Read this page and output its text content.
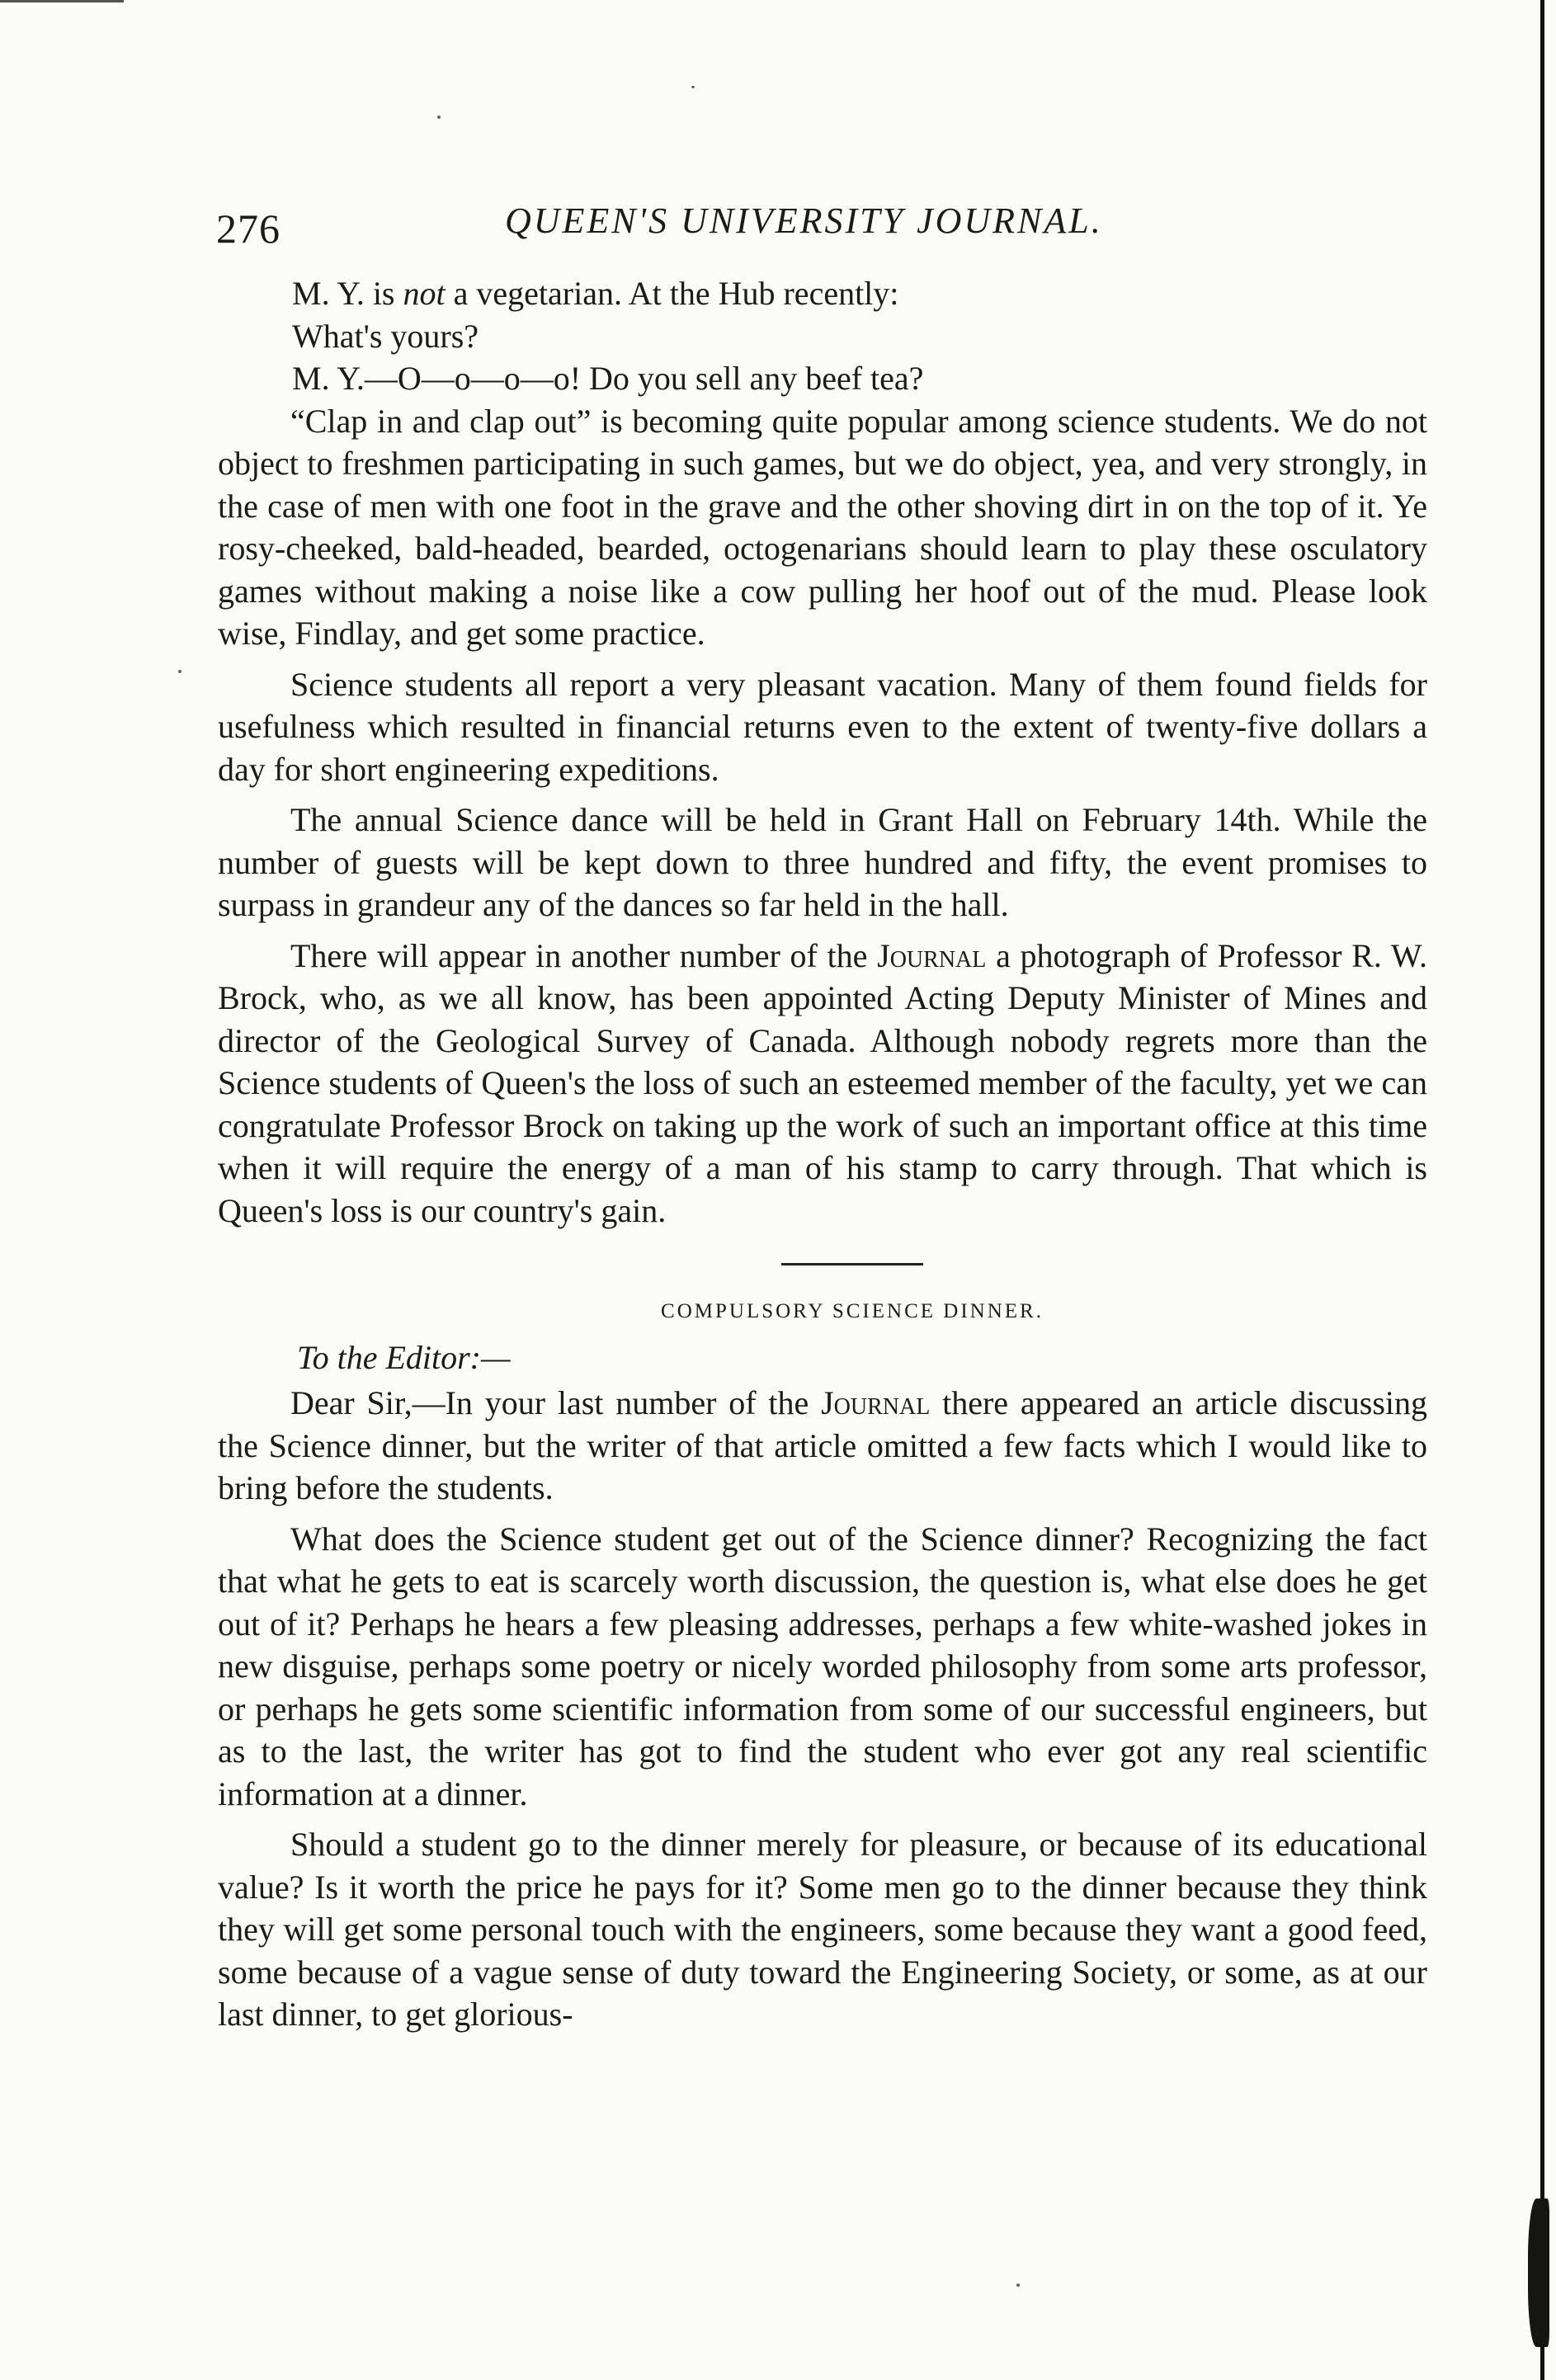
276	QUEEN'S UNIVERSITY JOURNAL.
M. Y. is not a vegetarian. At the Hub recently:
What's yours?
M. Y.—O—o—o—o! Do you sell any beef tea?

“Clap in and clap out” is becoming quite popular among science students. We do not object to freshmen participating in such games, but we do object, yea, and very strongly, in the case of men with one foot in the grave and the other shoving dirt in on the top of it. Ye rosy-cheeked, bald-headed, bearded, octogenarians should learn to play these osculatory games without making a noise like a cow pulling her hoof out of the mud. Please look wise, Findlay, and get some practice.

Science students all report a very pleasant vacation. Many of them found fields for usefulness which resulted in financial returns even to the extent of twenty-five dollars a day for short engineering expeditions.

The annual Science dance will be held in Grant Hall on February 14th. While the number of guests will be kept down to three hundred and fifty, the event promises to surpass in grandeur any of the dances so far held in the hall.

There will appear in another number of the Journal a photograph of Professor R. W. Brock, who, as we all know, has been appointed Acting Deputy Minister of Mines and director of the Geological Survey of Canada. Although nobody regrets more than the Science students of Queen's the loss of such an esteemed member of the faculty, yet we can congratulate Professor Brock on taking up the work of such an important office at this time when it will require the energy of a man of his stamp to carry through. That which is Queen's loss is our country's gain.

COMPULSORY SCIENCE DINNER.
To the Editor:—

Dear Sir,—In your last number of the Journal there appeared an article discussing the Science dinner, but the writer of that article omitted a few facts which I would like to bring before the students.

What does the Science student get out of the Science dinner? Recognizing the fact that what he gets to eat is scarcely worth discussion, the question is, what else does he get out of it? Perhaps he hears a few pleasing addresses, perhaps a few white-washed jokes in new disguise, perhaps some poetry or nicely worded philosophy from some arts professor, or perhaps he gets some scientific information from some of our successful engineers, but as to the last, the writer has got to find the student who ever got any real scientific information at a dinner.

Should a student go to the dinner merely for pleasure, or because of its educational value? Is it worth the price he pays for it? Some men go to the dinner because they think they will get some personal touch with the engineers, some because they want a good feed, some because of a vague sense of duty toward the Engineering Society, or some, as at our last dinner, to get glorious-
